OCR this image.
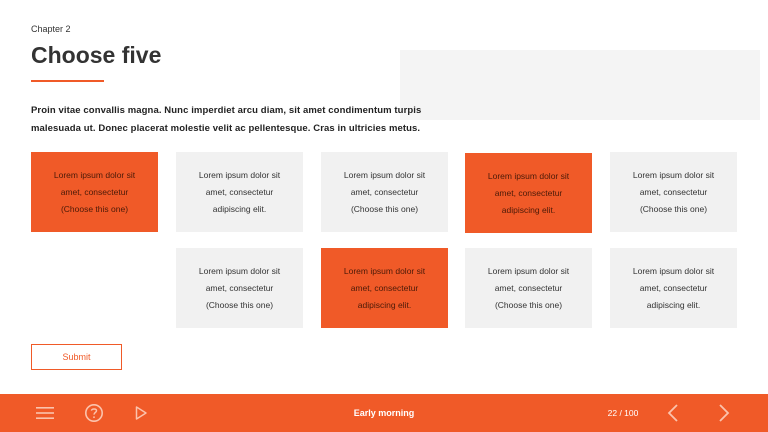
Chapter 2
Choose five
Proin vitae convallis magna. Nunc imperdiet arcu diam, sit amet condimentum turpis
malesuada ut. Donec placerat molestie velit ac pellentesque. Cras in ultricies metus.
Lorem ipsum dolor sit
amet, consectetur
(Choose this one)
Lorem ipsum dolor sit
amet, consectetur
adipiscing elit.
Lorem ipsum dolor sit
amet, consectetur
(Choose this one)
Lorem ipsum dolor sit
amet, consectetur
adipiscing elit.
Lorem ipsum dolor sit
amet, consectetur
(Choose this one)
Lorem ipsum dolor sit
amet, consectetur
(Choose this one)
Lorem ipsum dolor sit
amet, consectetur
adipiscing elit.
Lorem ipsum dolor sit
amet, consectetur
(Choose this one)
Lorem ipsum dolor sit
amet, consectetur
adipiscing elit.
Submit
Early morning	22 / 100
